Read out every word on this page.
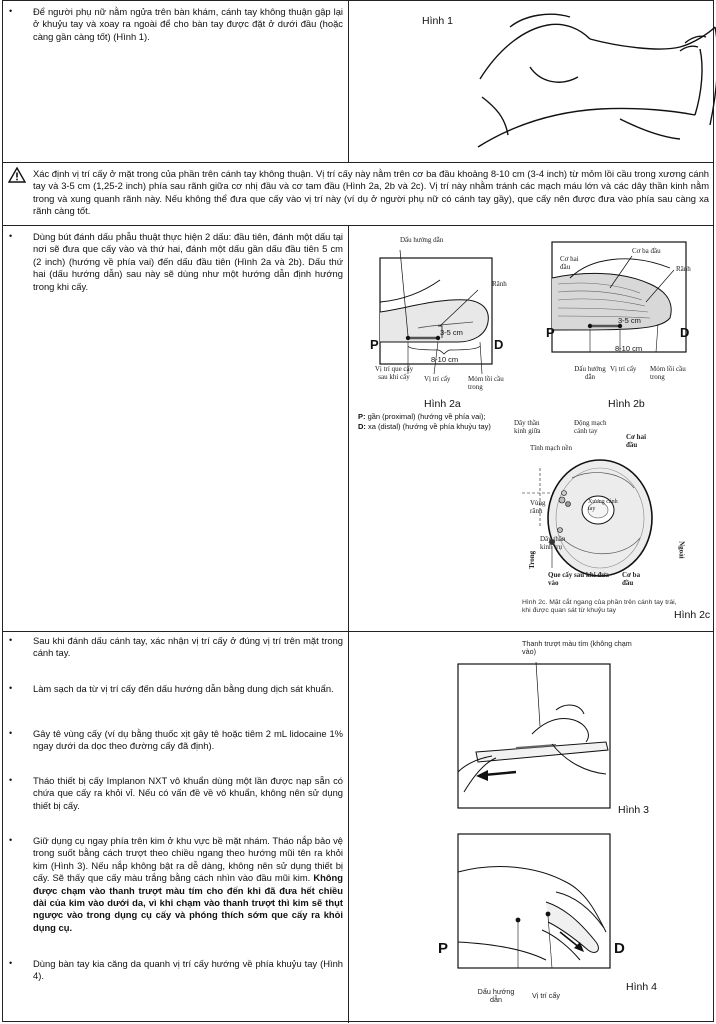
• Để người phụ nữ nằm ngửa trên bàn khám, cánh tay không thuận gập lại ở khuỷu tay và xoay ra ngoài để cho bàn tay được đặt ở dưới đầu (hoặc càng gần càng tốt) (Hình 1).
Hình 1
Xác định vị trí cấy ở mặt trong của phần trên cánh tay không thuận. Vị trí cấy này nằm trên cơ ba đầu khoảng 8-10 cm (3-4 inch) từ mỏm lồi cầu trong xương cánh tay và 3-5 cm (1,25-2 inch) phía sau rãnh giữa cơ nhị đầu và cơ tam đầu (Hình 2a, 2b và 2c). Vị trí này nhằm tránh các mạch máu lớn và các dây thần kinh nằm trong và xung quanh rãnh này. Nếu không thể đưa que cấy vào vị trí này (ví dụ ở người phụ nữ có cánh tay gầy), que cấy nên được đưa vào phía sau càng xa rãnh càng tốt.
• Dùng bút đánh dấu phẫu thuật thực hiện 2 dấu: đầu tiên, đánh một dấu tại nơi sẽ đưa que cấy vào và thứ hai, đánh một dấu gần dấu đầu tiên 5 cm (2 inch) (hướng về phía vai) đến dấu đầu tiên (Hình 2a và 2b). Dấu thứ hai (dấu hướng dẫn) sau này sẽ dùng như một hướng dẫn định hướng trong khi cấy.
Dấu hướng dẫn
Rãnh
3-5 cm
8-10 cm
P	D
Vị trí que cấy sau khi cấy	Vị trí cấy	Mỏm lồi cầu trong
Hình 2a
Cơ ba đầu
Cơ hai đầu	Rãnh
3-5 cm
8-10 cm
P	D
Dấu hướng dẫn
Vị trí cấy Mỏm lồi cầu trong
Hình 2b
P: gần (proximal) (hướng về phía vai);
D: xa (distal) (hướng về phía khuỷu tay)	Dây thần kinh giữa
Động mạch cánh tay
Tĩnh mạch nền
Cơ hai đầu
Vùng rãnh
Xương cánh tay
Dây thần kinh trụ
Trong
Ngoài
Que cấy sau khi đưa vào
Cơ ba đầu
Hình 2c. Mặt cắt ngang của phần trên cánh tay trái, khi được quan sát từ khuỷu tay	Hình 2c
• Sau khi đánh dấu cánh tay, xác nhận vị trí cấy ở đúng vị trí trên mặt trong cánh tay.
• Làm sạch da từ vị trí cấy đến dấu hướng dẫn bằng dung dịch sát khuẩn.
• Gây tê vùng cấy (ví dụ bằng thuốc xịt gây tê hoặc tiêm 2 mL lidocaine 1% ngay dưới da dọc theo đường cấy đã định).
• Tháo thiết bị cấy Implanon NXT vô khuẩn dùng một lần được nạp sẵn có chứa que cấy ra khỏi vỉ. Nếu có vấn đề về vô khuẩn, không nên sử dụng thiết bị cấy.
• Giữ dụng cụ ngay phía trên kim ở khu vực bề mặt nhám. Tháo nắp bảo vệ trong suốt bằng cách trượt theo chiều ngang theo hướng mũi tên ra khỏi kim (Hình 3). Nếu nắp không bật ra dễ dàng, không nên sử dụng thiết bị cấy. Sẽ thấy que cấy màu trắng bằng cách nhìn vào đầu mũi kim. Không được chạm vào thanh trượt màu tím cho đến khi đã đưa hết chiều dài của kim vào dưới da, vì khi chạm vào thanh trượt thì kim sẽ thụt ngược vào trong dụng cụ cấy và phóng thích sớm que cấy ra khỏi dụng cụ.
• Dùng bàn tay kia căng da quanh vị trí cấy hướng về phía khuỷu tay (Hình 4).
Thanh trượt màu tím (không chạm vào)
Hình 3
P	D
Dấu hướng dẫn	Vị trí cấy
Hình 4
